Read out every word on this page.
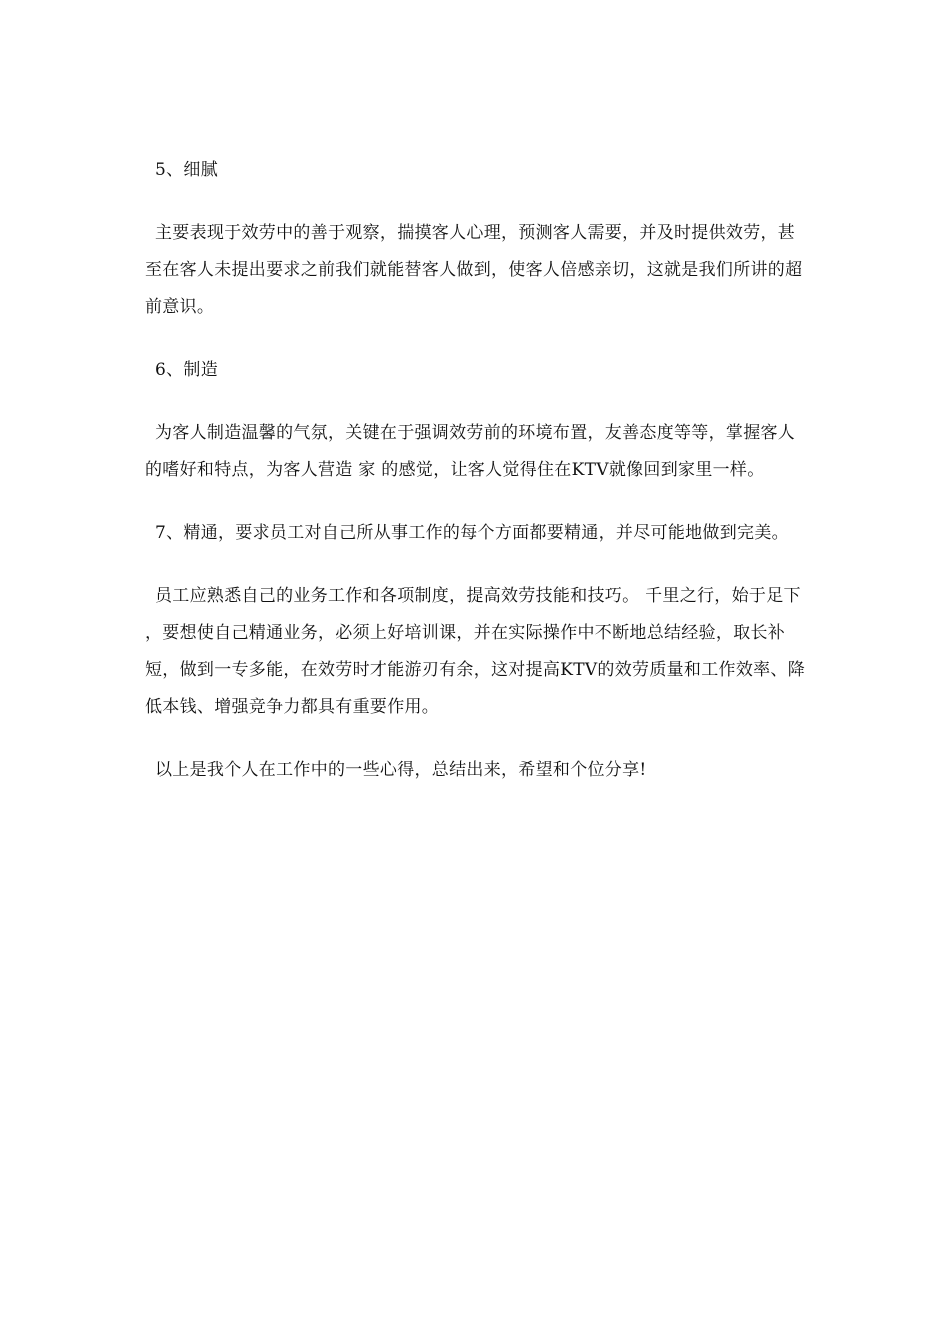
5、细腻

主要表现于效劳中的善于观察，揣摸客人心理，预测客人需要，并及时提供效劳，甚至在客人未提出要求之前我们就能替客人做到，使客人倍感亲切，这就是我们所讲的超前意识。

6、制造

为客人制造温馨的气氛，关键在于强调效劳前的环境布置，友善态度等等，掌握客人的嗜好和特点，为客人营造 家 的感觉，让客人觉得住在KTV就像回到家里一样。

7、精通，要求员工对自己所从事工作的每个方面都要精通，并尽可能地做到完美。

员工应熟悉自己的业务工作和各项制度，提高效劳技能和技巧。 千里之行，始于足下 ，要想使自己精通业务，必须上好培训课，并在实际操作中不断地总结经验，取长补短，做到一专多能，在效劳时才能游刃有余，这对提高KTV的效劳质量和工作效率、降低本钱、增强竞争力都具有重要作用。

以上是我个人在工作中的一些心得，总结出来，希望和个位分享!
